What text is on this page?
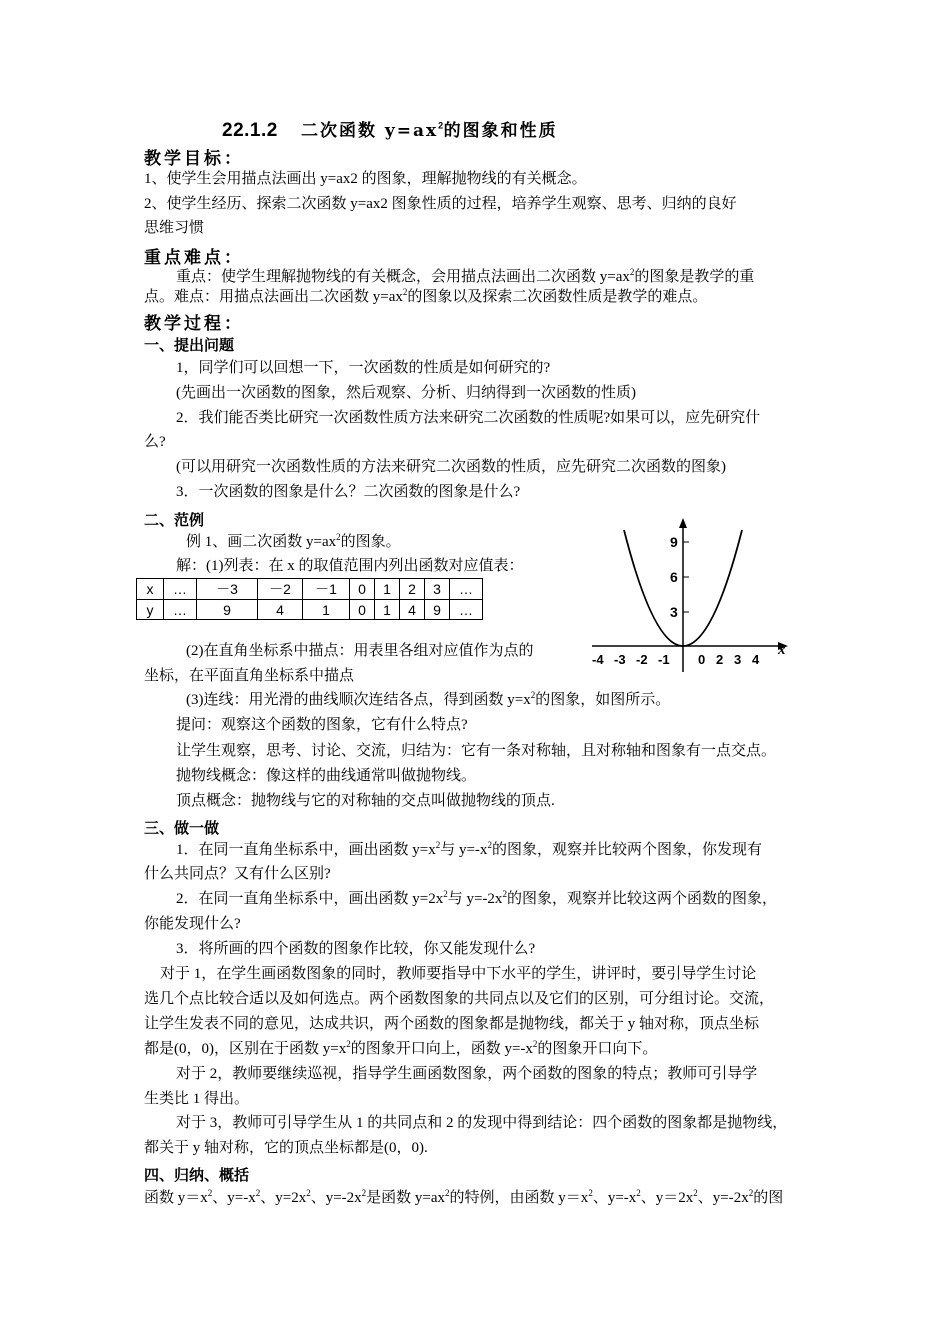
22.1.2 二次函数 $y=ax^2$的图象和性质
教学目标：
1、使学生会用描点法画出 y=ax2 的图象，理解抛物线的有关概念。
2、使学生经历、探索二次函数 y=ax2 图象性质的过程，培养学生观察、思考、归纳的良好
思维习惯
重点难点：
重点：使学生理解抛物线的有关概念，会用描点法画出二次函数 $y=ax^2$的图象是教学的重
点。难点：用描点法画出二次函数 $y=ax^2$的图象以及探索二次函数性质是教学的难点。
教学过程：
一、提出问题
1，同学们可以回想一下，一次函数的性质是如何研究的?
(先画出一次函数的图象，然后观察、分析、归纳得到一次函数的性质)
2．我们能否类比研究一次函数性质方法来研究二次函数的性质呢?如果可以，应先研究什
么?
(可以用研究一次函数性质的方法来研究二次函数的性质，应先研究二次函数的图象)
3．一次函数的图象是什么？二次函数的图象是什么?
二、范例
例 1、画二次函数 $y=ax^2$的图象。
解：(1)列表：在 x 的取值范围内列出函数对应值表：
x	…	－3	－2	－1	0	1	2	3	…
y	…	9	4	1	0	1	4	9	…
(2)在直角坐标系中描点：用表里各组对应值作为点的
坐标，在平面直角坐标系中描点
(3)连线：用光滑的曲线顺次连结各点，得到函数 $y=x^2$的图象，如图所示。
提问：观察这个函数的图象，它有什么特点?
让学生观察，思考、讨论、交流，归结为：它有一条对称轴，且对称轴和图象有一点交点。
抛物线概念：像这样的曲线通常叫做抛物线。
顶点概念：抛物线与它的对称轴的交点叫做抛物线的顶点.
9
6
3
-4 -3 -2 -1 0 2 3 4
x
三、做一做
1．在同一直角坐标系中，画出函数 $y=x^2$与 $y=-x^2$的图象，观察并比较两个图象，你发现有
什么共同点？又有什么区别?
2．在同一直角坐标系中，画出函数 $y=2x^2$与 $y=-2x^2$的图象，观察并比较这两个函数的图象，
你能发现什么?
3．将所画的四个函数的图象作比较，你又能发现什么?
对于 1，在学生画函数图象的同时，教师要指导中下水平的学生，讲评时，要引导学生讨论
选几个点比较合适以及如何选点。两个函数图象的共同点以及它们的区别，可分组讨论。交流，
让学生发表不同的意见，达成共识，两个函数的图象都是抛物线，都关于 y 轴对称，顶点坐标
都是(0，0)，区别在于函数 $y=x^2$的图象开口向上，函数 $y=-x^2$的图象开口向下。
对于 2，教师要继续巡视，指导学生画函数图象，两个函数的图象的特点；教师可引导学
生类比 1 得出。
对于 3，教师可引导学生从 1 的共同点和 2 的发现中得到结论：四个函数的图象都是抛物线，
都关于 y 轴对称，它的顶点坐标都是(0，0).
四、归纳、概括
函数 $y=x^2$、$y=-x^2$、$y=2x^2$、$y=-2x^2$是函数 $y=ax^2$的特例，由函数 $y=x^2$、$y=-x^2$、$y=2x^2$、$y=-2x^2$的图
